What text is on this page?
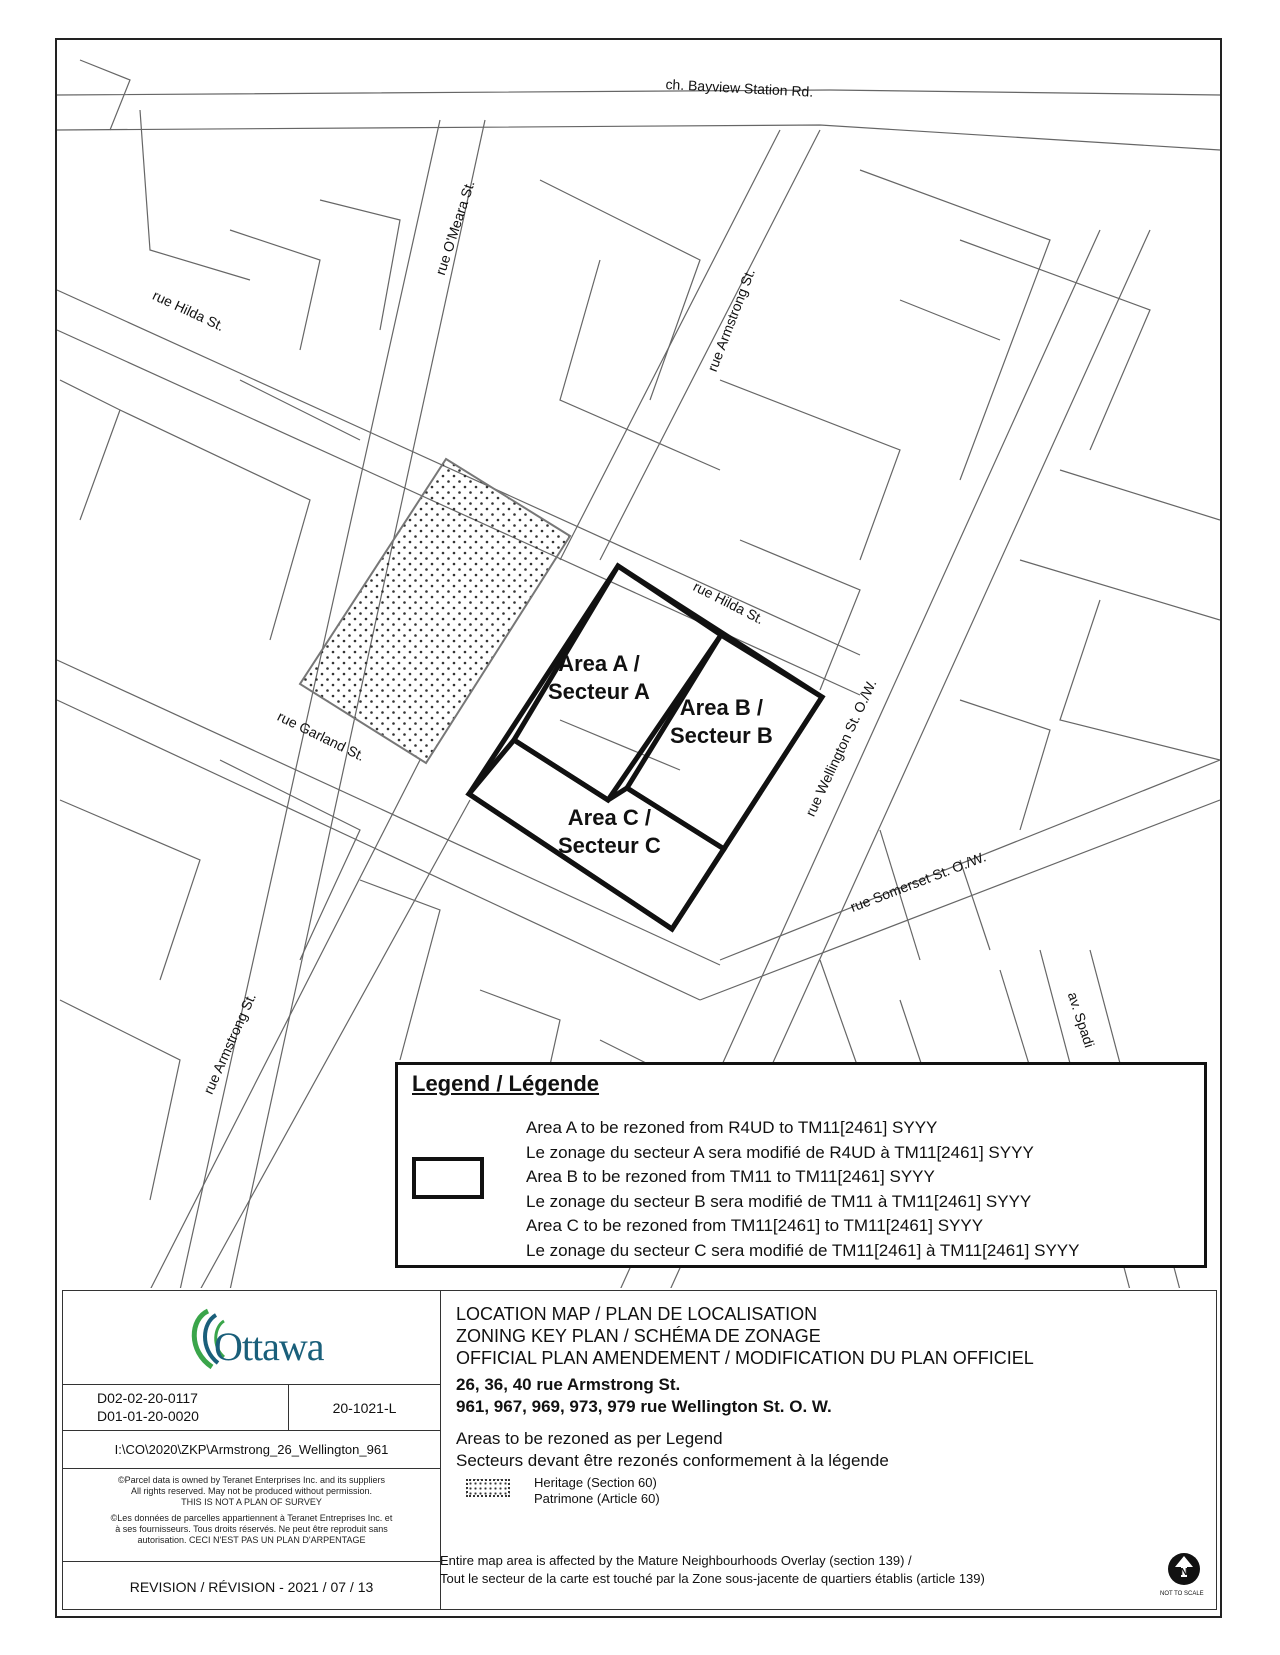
ch. Bayview Station Rd.
rue O'Meara St.
rue Hilda St.	rue Armstrong St.
rue Hilda St.
rue Wellington St. O./W.
rue Garland St.
rue Somerset St. O./W.
rue Armstrong St.	av. Spadi
Area A /
Secteur A
Area B /
Secteur B
Area C /
Secteur C
Legend / Légende
Area A to be rezoned from R4UD to TM11[2461] SYYY
Le zonage du secteur A sera modifié de R4UD à TM11[2461] SYYY
Area B to be rezoned from TM11 to TM11[2461] SYYY
Le zonage du secteur B sera modifié de TM11 à TM11[2461] SYYY
Area C to be rezoned from TM11[2461] to TM11[2461] SYYY
Le zonage du secteur C sera modifié de TM11[2461] à TM11[2461] SYYY
Ottawa
D02-02-20-0117
D01-01-20-0020	20-1021-L
I:\CO\2020\ZKP\Armstrong_26_Wellington_961
©Parcel data is owned by Teranet Enterprises Inc. and its suppliers
All rights reserved. May not be produced without permission.
THIS IS NOT A PLAN OF SURVEY
©Les données de parcelles appartiennent à Teranet Entreprises Inc. et
à ses fournisseurs. Tous droits réservés. Ne peut être reproduit sans
autorisation. CECI N'EST PAS UN PLAN D'ARPENTAGE
REVISION / RÉVISION - 2021 / 07 / 13
LOCATION MAP / PLAN DE LOCALISATION
ZONING KEY PLAN / SCHÉMA DE ZONAGE
OFFICIAL PLAN AMENDEMENT / MODIFICATION DU PLAN OFFICIEL
26, 36, 40 rue Armstrong St.
961, 967, 969, 973, 979 rue Wellington St. O. W.
Areas to be rezoned as per Legend
Secteurs devant être rezonés conformement à la légende
Heritage (Section 60)
Patrimone (Article 60)
Entire map area is affected by the Mature Neighbourhoods Overlay (section 139) /
Tout le secteur de la carte est touché par la Zone sous-jacente de quartiers établis (article 139)	N
NOT TO SCALE
